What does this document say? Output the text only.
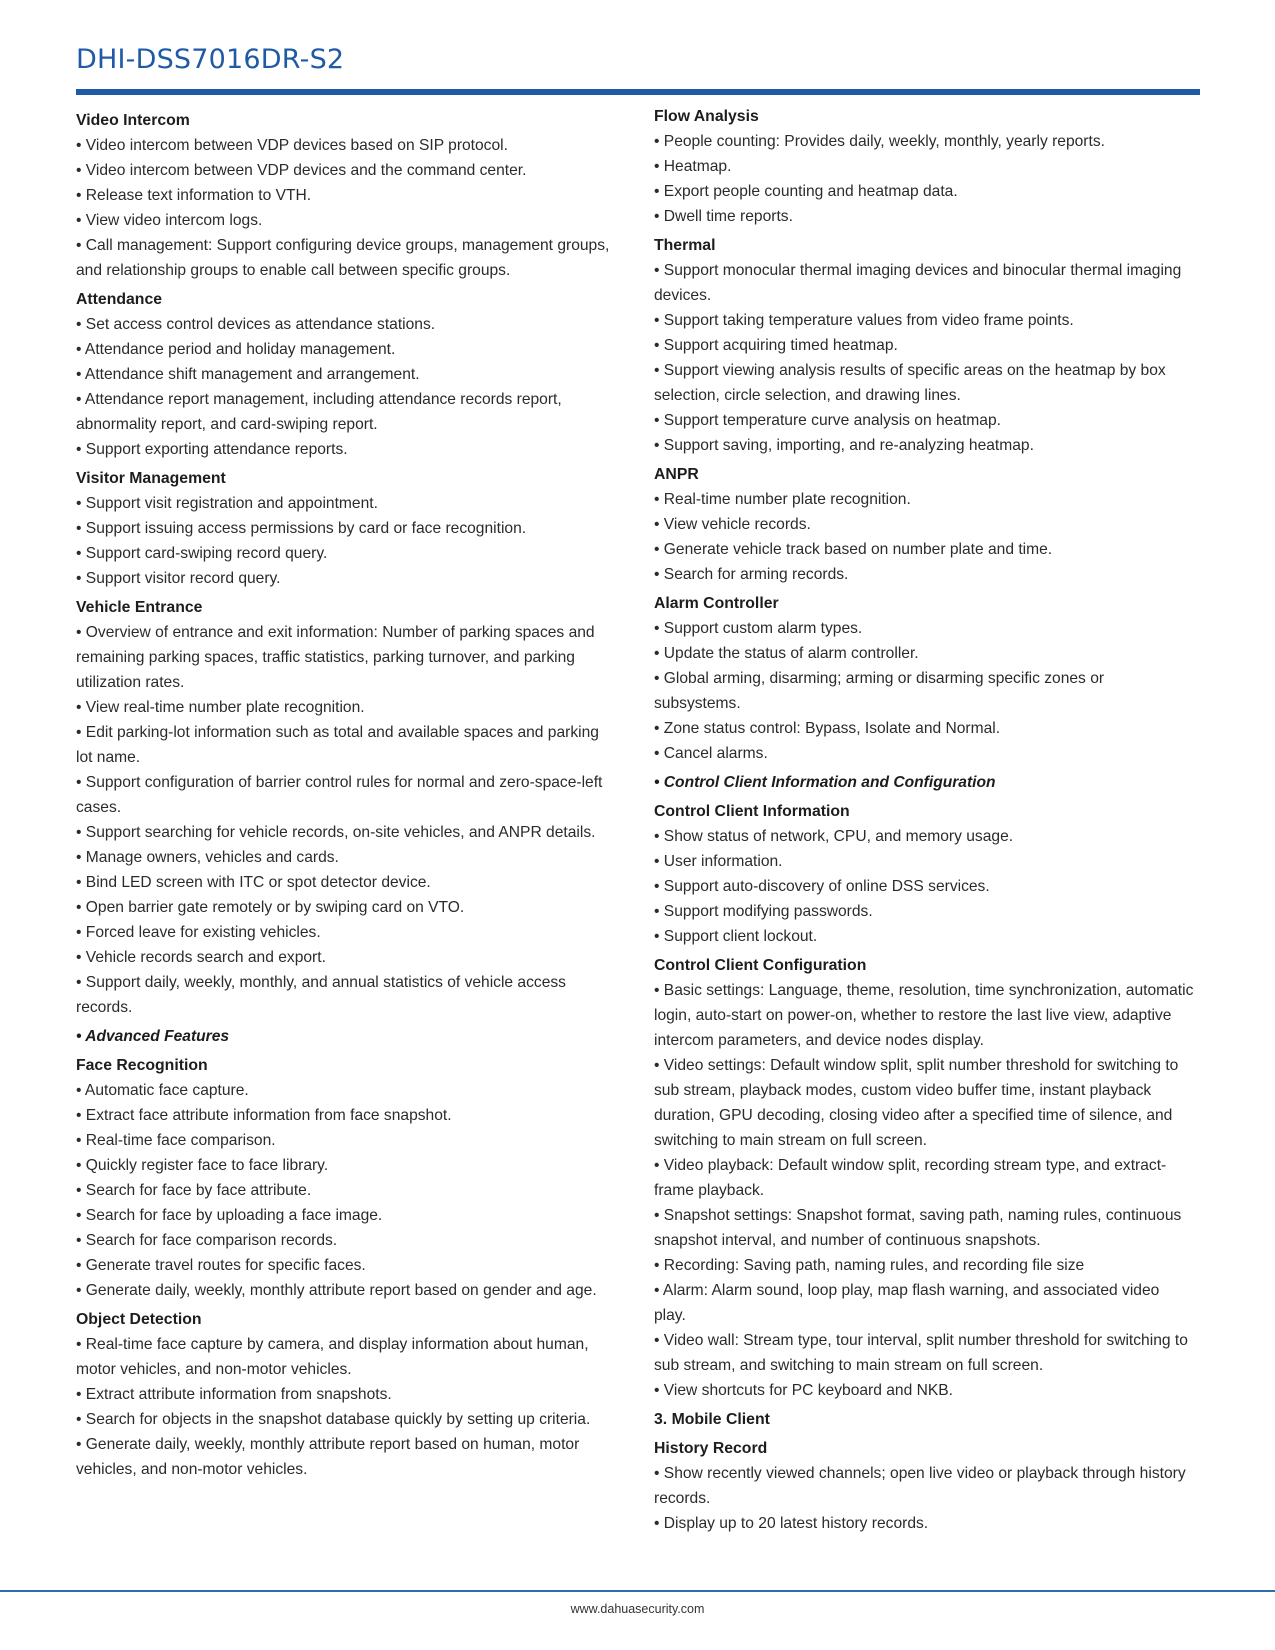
DHI-DSS7016DR-S2
Video Intercom
• Video intercom between VDP devices based on SIP protocol.
• Video intercom between VDP devices and the command center.
• Release text information to VTH.
• View video intercom logs.
• Call management: Support configuring device groups, management groups, and relationship groups to enable call between specific groups.
Attendance
• Set access control devices as attendance stations.
• Attendance period and holiday management.
• Attendance shift management and arrangement.
• Attendance report management, including attendance records report, abnormality report, and card-swiping report.
• Support exporting attendance reports.
Visitor Management
• Support visit registration and appointment.
• Support issuing access permissions by card or face recognition.
• Support card-swiping record query.
• Support visitor record query.
Vehicle Entrance
• Overview of entrance and exit information: Number of parking spaces and remaining parking spaces, traffic statistics, parking turnover, and parking utilization rates.
• View real-time number plate recognition.
• Edit parking-lot information such as total and available spaces and parking lot name.
• Support configuration of barrier control rules for normal and zero-space-left cases.
• Support searching for vehicle records, on-site vehicles, and ANPR details.
• Manage owners, vehicles and cards.
• Bind LED screen with ITC or spot detector device.
• Open barrier gate remotely or by swiping card on VTO.
• Forced leave for existing vehicles.
• Vehicle records search and export.
• Support daily, weekly, monthly, and annual statistics of vehicle access records.
• Advanced Features
Face Recognition
• Automatic face capture.
• Extract face attribute information from face snapshot.
• Real-time face comparison.
• Quickly register face to face library.
• Search for face by face attribute.
• Search for face by uploading a face image.
• Search for face comparison records.
• Generate travel routes for specific faces.
• Generate daily, weekly, monthly attribute report based on gender and age.
Object Detection
• Real-time face capture by camera, and display information about human, motor vehicles, and non-motor vehicles.
• Extract attribute information from snapshots.
• Search for objects in the snapshot database quickly by setting up criteria.
• Generate daily, weekly, monthly attribute report based on human, motor vehicles, and non-motor vehicles.
Flow Analysis
• People counting: Provides daily, weekly, monthly, yearly reports.
• Heatmap.
• Export people counting and heatmap data.
• Dwell time reports.
Thermal
• Support monocular thermal imaging devices and binocular thermal imaging devices.
• Support taking temperature values from video frame points.
• Support acquiring timed heatmap.
• Support viewing analysis results of specific areas on the heatmap by box selection, circle selection, and drawing lines.
• Support temperature curve analysis on heatmap.
• Support saving, importing, and re-analyzing heatmap.
ANPR
• Real-time number plate recognition.
• View vehicle records.
• Generate vehicle track based on number plate and time.
• Search for arming records.
Alarm Controller
• Support custom alarm types.
• Update the status of alarm controller.
• Global arming, disarming; arming or disarming specific zones or subsystems.
• Zone status control: Bypass, Isolate and Normal.
• Cancel alarms.
• Control Client Information and Configuration
Control Client Information
• Show status of network, CPU, and memory usage.
• User information.
• Support auto-discovery of online DSS services.
• Support modifying passwords.
• Support client lockout.
Control Client Configuration
• Basic settings: Language, theme, resolution, time synchronization, automatic login, auto-start on power-on, whether to restore the last live view, adaptive intercom parameters, and device nodes display.
• Video settings: Default window split, split number threshold for switching to sub stream, playback modes, custom video buffer time, instant playback duration, GPU decoding, closing video after a specified time of silence, and switching to main stream on full screen.
• Video playback: Default window split, recording stream type, and extract-frame playback.
• Snapshot settings: Snapshot format, saving path, naming rules, continuous snapshot interval, and number of continuous snapshots.
• Recording: Saving path, naming rules, and recording file size
• Alarm: Alarm sound, loop play, map flash warning, and associated video play.
• Video wall: Stream type, tour interval, split number threshold for switching to sub stream, and switching to main stream on full screen.
• View shortcuts for PC keyboard and NKB.
3. Mobile Client
History Record
• Show recently viewed channels; open live video or playback through history records.
• Display up to 20 latest history records.
www.dahuasecurity.com
